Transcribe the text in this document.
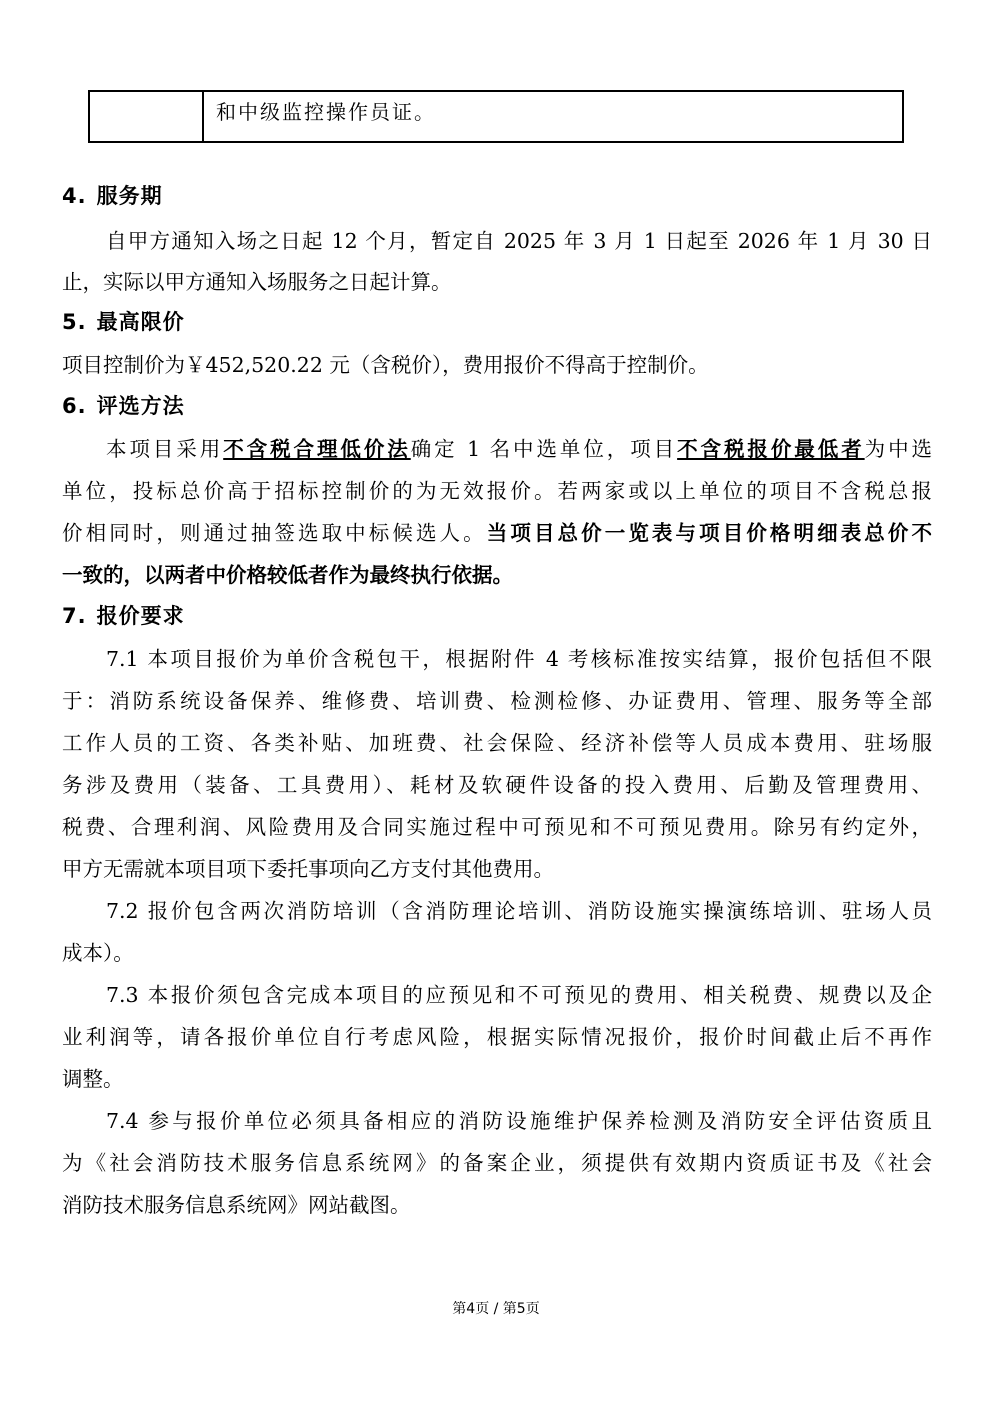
	和中级监控操作员证。
4. 服务期
自甲方通知入场之日起 12 个月，暂定自 2025 年 3 月 1 日起至 2026 年 1 月 30 日
止，实际以甲方通知入场服务之日起计算。
5. 最高限价
项目控制价为￥452,520.22 元（含税价），费用报价不得高于控制价。
6. 评选方法
本项目采用不含税合理低价法确定 1 名中选单位，项目不含税报价最低者为中选
单位，投标总价高于招标控制价的为无效报价。若两家或以上单位的项目不含税总报
价相同时，则通过抽签选取中标候选人。当项目总价一览表与项目价格明细表总价不
一致的，以两者中价格较低者作为最终执行依据。
7. 报价要求
7.1 本项目报价为单价含税包干，根据附件 4 考核标准按实结算，报价包括但不限
于：消防系统设备保养、维修费、培训费、检测检修、办证费用、管理、服务等全部
工作人员的工资、各类补贴、加班费、社会保险、经济补偿等人员成本费用、驻场服
务涉及费用（装备、工具费用）、耗材及软硬件设备的投入费用、后勤及管理费用、
税费、合理利润、风险费用及合同实施过程中可预见和不可预见费用。除另有约定外，
甲方无需就本项目项下委托事项向乙方支付其他费用。
7.2 报价包含两次消防培训（含消防理论培训、消防设施实操演练培训、驻场人员
成本）。
7.3 本报价须包含完成本项目的应预见和不可预见的费用、相关税费、规费以及企
业利润等，请各报价单位自行考虑风险，根据实际情况报价，报价时间截止后不再作
调整。
7.4 参与报价单位必须具备相应的消防设施维护保养检测及消防安全评估资质且
为《社会消防技术服务信息系统网》的备案企业，须提供有效期内资质证书及《社会
消防技术服务信息系统网》网站截图。
第4页 / 第5页
